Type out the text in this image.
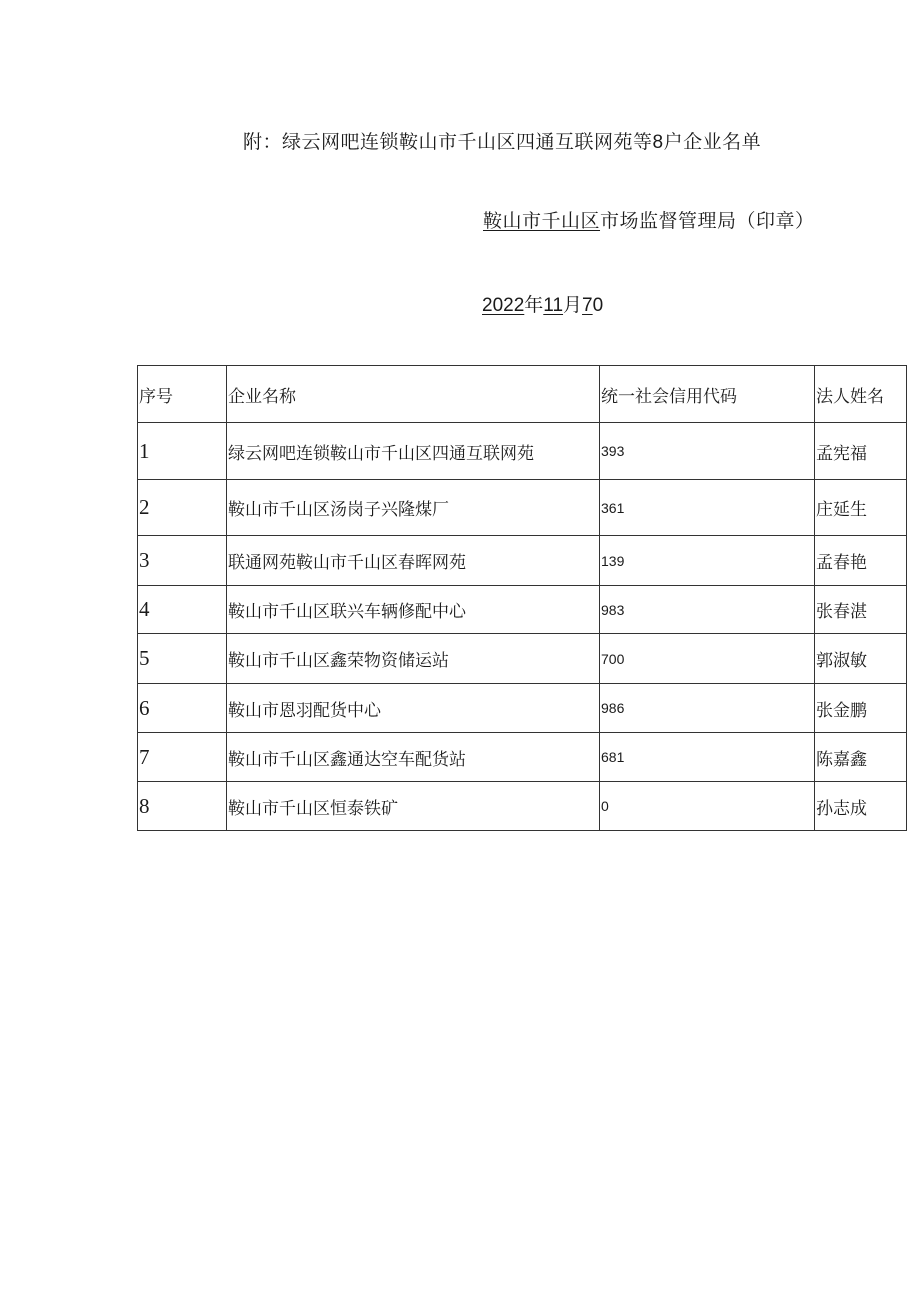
附：绿云网吧连锁鞍山市千山区四通互联网苑等8户企业名单
鞍山市千山区市场监督管理局（印章）
2022年11月70
序号	企业名称	统一社会信用代码	法人姓名
1	绿云网吧连锁鞍山市千山区四通互联网苑	393	孟宪福
2	鞍山市千山区汤岗子兴隆煤厂	361	庄延生
3	联通网苑鞍山市千山区春晖网苑	139	孟春艳
4	鞍山市千山区联兴车辆修配中心	983	张春湛
5	鞍山市千山区鑫荣物资储运站	700	郭淑敏
6	鞍山市恩羽配货中心	986	张金鹏
7	鞍山市千山区鑫通达空车配货站	681	陈嘉鑫
8	鞍山市千山区恒泰铁矿	0	孙志成
